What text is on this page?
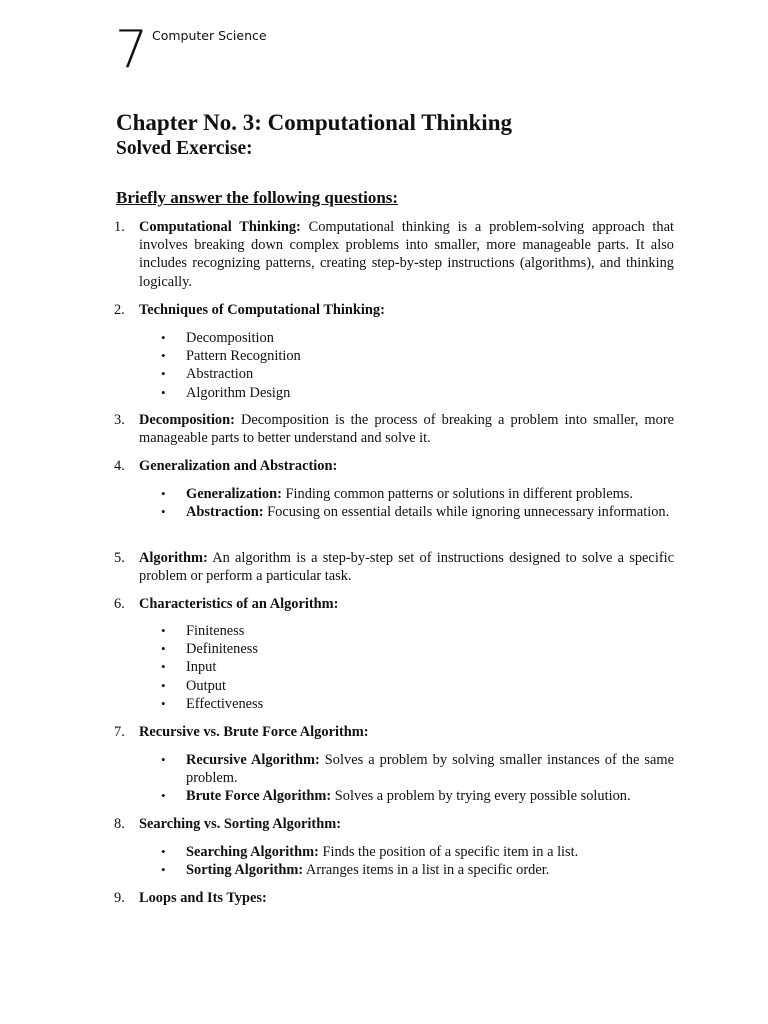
7 Computer Science
Chapter No. 3: Computational Thinking
Solved Exercise:

Briefly answer the following questions:

1. Computational Thinking: Computational thinking is a problem-solving approach that involves breaking down complex problems into smaller, more manageable parts. It also includes recognizing patterns, creating step-by-step instructions (algorithms), and thinking logically.
2. Techniques of Computational Thinking:
• Decomposition
• Pattern Recognition
• Abstraction
• Algorithm Design
3. Decomposition: Decomposition is the process of breaking a problem into smaller, more manageable parts to better understand and solve it.
4. Generalization and Abstraction:
• Generalization: Finding common patterns or solutions in different problems.
• Abstraction: Focusing on essential details while ignoring unnecessary information.
5. Algorithm: An algorithm is a step-by-step set of instructions designed to solve a specific problem or perform a particular task.
6. Characteristics of an Algorithm:
• Finiteness
• Definiteness
• Input
• Output
• Effectiveness
7. Recursive vs. Brute Force Algorithm:
• Recursive Algorithm: Solves a problem by solving smaller instances of the same problem.
• Brute Force Algorithm: Solves a problem by trying every possible solution.
8. Searching vs. Sorting Algorithm:
• Searching Algorithm: Finds the position of a specific item in a list.
• Sorting Algorithm: Arranges items in a list in a specific order.
9. Loops and Its Types:
